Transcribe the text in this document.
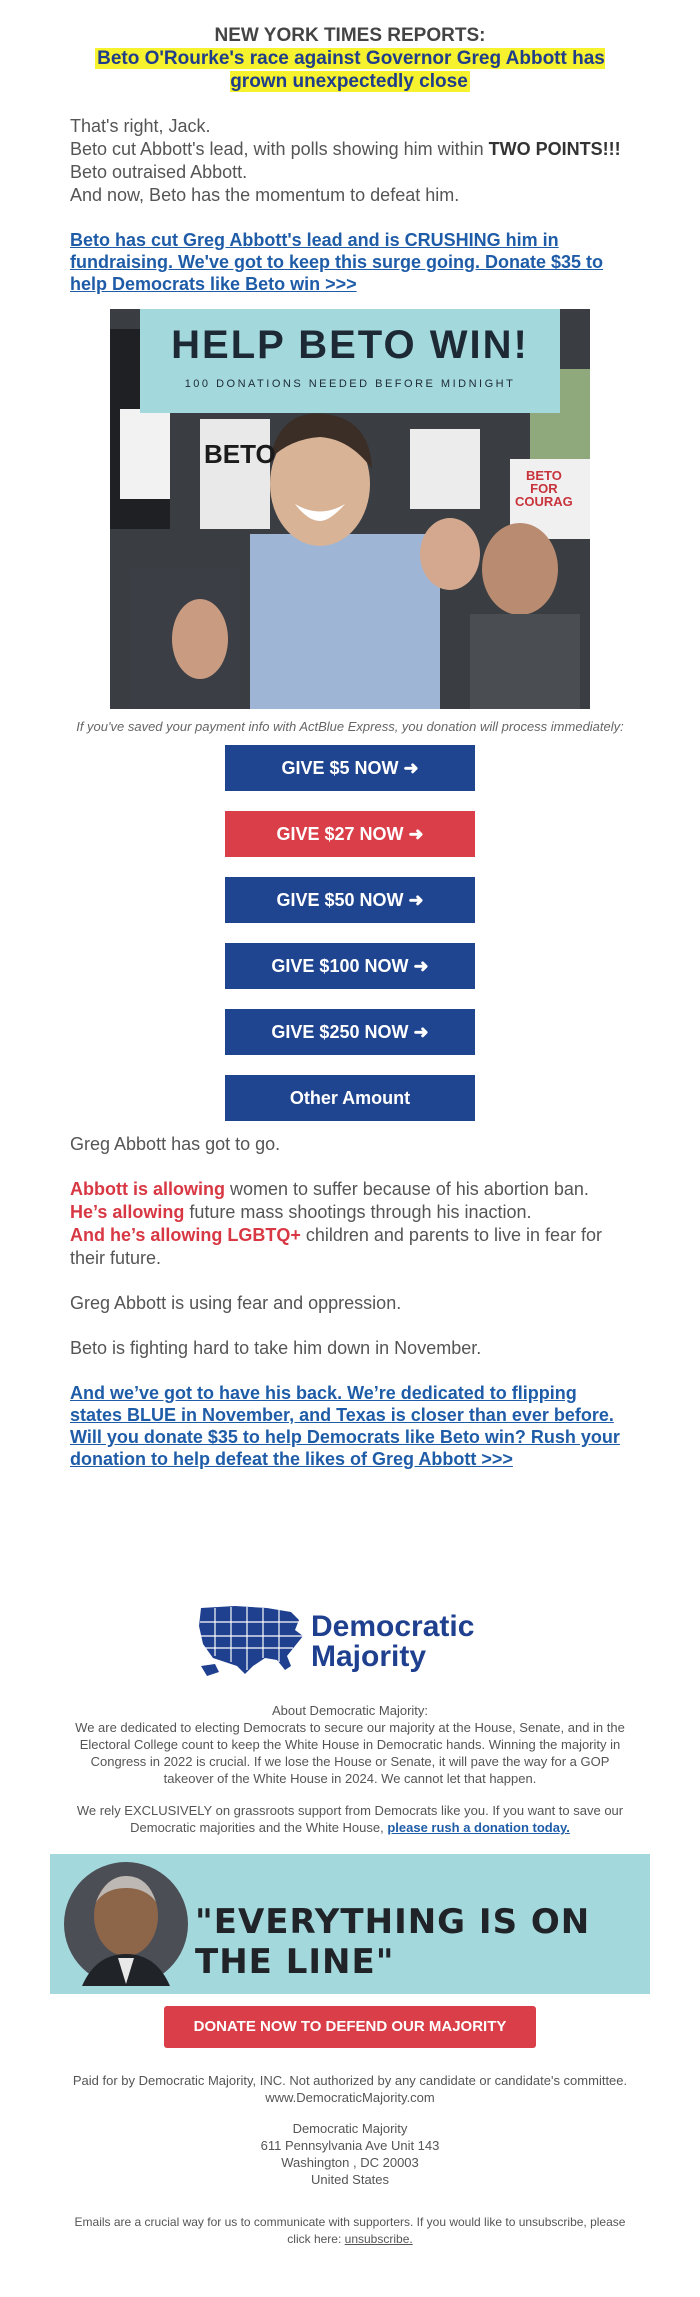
NEW YORK TIMES REPORTS:
Beto O'Rourke's race against Governor Greg Abbott has grown unexpectedly close

That's right, Jack.

Beto cut Abbott's lead, with polls showing him within TWO POINTS!!!

Beto outraised Abbott.

And now, Beto has the momentum to defeat him.

Beto has cut Greg Abbott's lead and is CRUSHING him in fundraising. We've got to keep this surge going. Donate $35 to help Democrats like Beto win >>>
BETO
BETO
FOR
COURAG
HELP BETO WIN!
100 DONATIONS NEEDED BEFORE MIDNIGHT
If you've saved your payment info with ActBlue Express, you donation will process immediately:
GIVE $5 NOW ➜
GIVE $27 NOW ➜
GIVE $50 NOW ➜
GIVE $100 NOW ➜
GIVE $250 NOW ➜
Other Amount

Greg Abbott has got to go.

Abbott is allowing women to suffer because of his abortion ban.

He’s allowing future mass shootings through his inaction.

And he’s allowing LGBTQ+ children and parents to live in fear for their future.

Greg Abbott is using fear and oppression.

Beto is fighting hard to take him down in November.

And we’ve got to have his back. We’re dedicated to flipping states BLUE in November, and Texas is closer than ever before. Will you donate $35 to help Democrats like Beto win? Rush your donation to help defeat the likes of Greg Abbott >>>
Democratic
Majority
About Democratic Majority:
We are dedicated to electing Democrats to secure our majority at the House, Senate, and in the Electoral College count to keep the White House in Democratic hands. Winning the majority in Congress in 2022 is crucial. If we lose the House or Senate, it will pave the way for a GOP takeover of the White House in 2024. We cannot let that happen.
We rely EXCLUSIVELY on grassroots support from Democrats like you. If you want to save our Democratic majorities and the White House, please rush a donation today.
"EVERYTHING IS ON THE LINE"
DONATE NOW TO DEFEND OUR MAJORITY
Paid for by Democratic Majority, INC. Not authorized by any candidate or candidate's committee. www.DemocraticMajority.com
Democratic Majority
611 Pennsylvania Ave Unit 143
Washington , DC 20003
United States
Emails are a crucial way for us to communicate with supporters. If you would like to unsubscribe, please click here: unsubscribe.
